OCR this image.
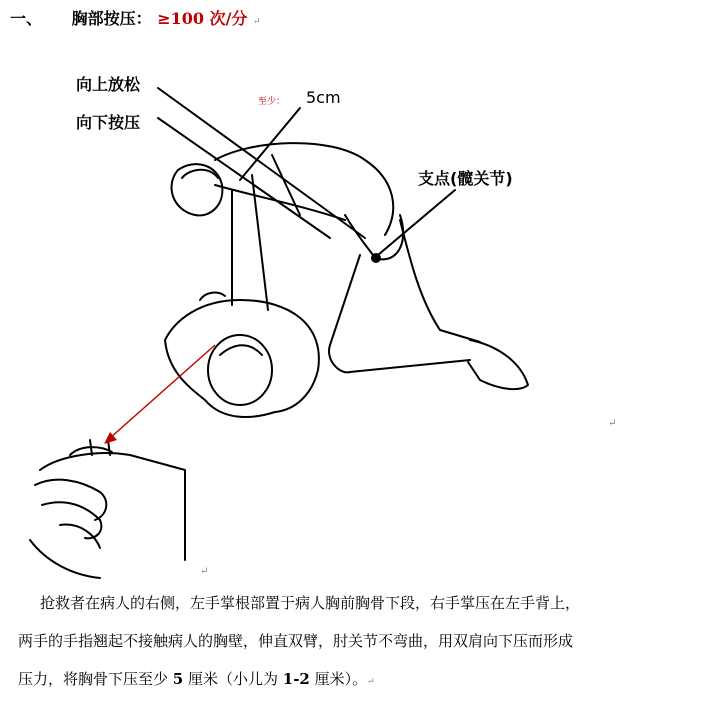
一、 胸部按压： ≥100 次/分 ↵
向上放松
向下按压
至少： 5cm
支点(髋关节)
↵
↵

抢救者在病人的右侧，左手掌根部置于病人胸前胸骨下段，右手掌压在左手背上，

两手的手指翘起不接触病人的胸壁，伸直双臂，肘关节不弯曲，用双肩向下压而形成

压力，将胸骨下压至少 5 厘米（小儿为 1-2 厘米）。↵
